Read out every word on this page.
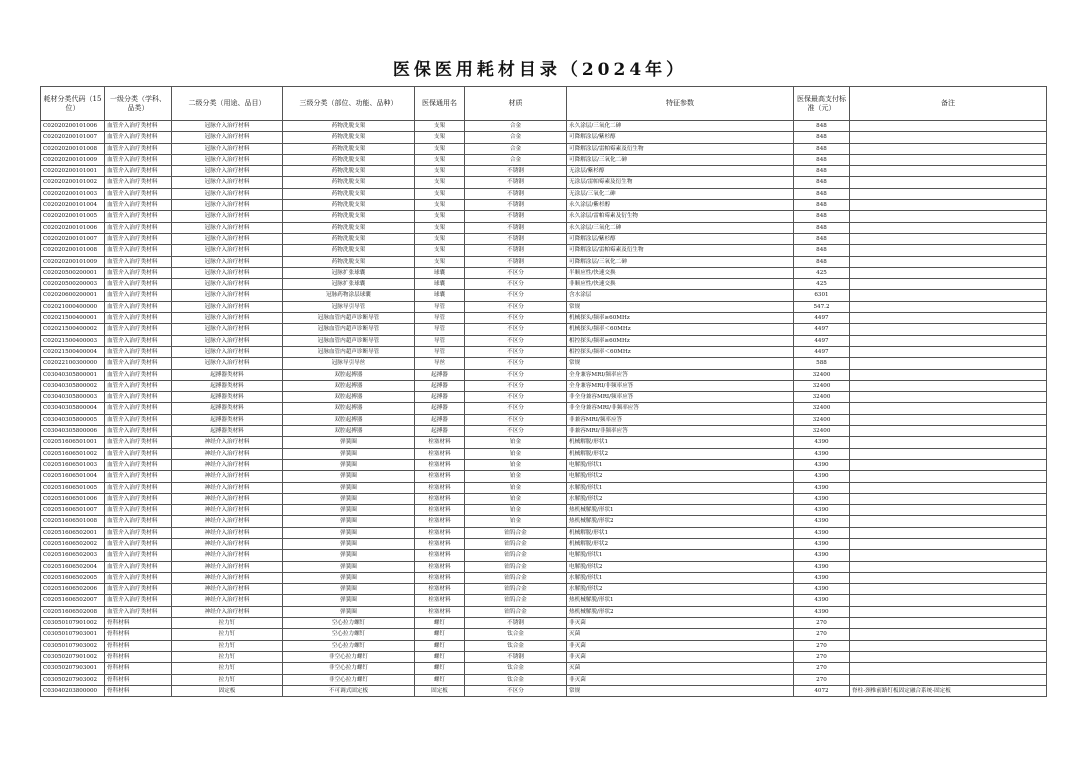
医保医用耗材目录（2024年）
耗材分类代码（15位）	一级分类（学科、品类）	二级分类（用途、品目）	三级分类（部位、功能、品种）	医保通用名	材质	特征参数	医保最高支付标准（元）	备注
C02020200101006	血管介入治疗类材料	冠脉介入治疗材料	药物洗脱支架	支架	合金	永久涂层/三氧化二砷	848	
C02020200101007	血管介入治疗类材料	冠脉介入治疗材料	药物洗脱支架	支架	合金	可降解涂层/紫杉醇	848	
C02020200101008	血管介入治疗类材料	冠脉介入治疗材料	药物洗脱支架	支架	合金	可降解涂层/雷帕霉素及衍生物	848	
C02020200101009	血管介入治疗类材料	冠脉介入治疗材料	药物洗脱支架	支架	合金	可降解涂层/三氧化二砷	848	
C02020200101001	血管介入治疗类材料	冠脉介入治疗材料	药物洗脱支架	支架	不锈钢	无涂层/紫杉醇	848	
C02020200101002	血管介入治疗类材料	冠脉介入治疗材料	药物洗脱支架	支架	不锈钢	无涂层/雷帕霉素及衍生物	848	
C02020200101003	血管介入治疗类材料	冠脉介入治疗材料	药物洗脱支架	支架	不锈钢	无涂层/三氧化二砷	848	
C02020200101004	血管介入治疗类材料	冠脉介入治疗材料	药物洗脱支架	支架	不锈钢	永久涂层/紫杉醇	848	
C02020200101005	血管介入治疗类材料	冠脉介入治疗材料	药物洗脱支架	支架	不锈钢	永久涂层/雷帕霉素及衍生物	848	
C02020200101006	血管介入治疗类材料	冠脉介入治疗材料	药物洗脱支架	支架	不锈钢	永久涂层/三氧化二砷	848	
C02020200101007	血管介入治疗类材料	冠脉介入治疗材料	药物洗脱支架	支架	不锈钢	可降解涂层/紫杉醇	848	
C02020200101008	血管介入治疗类材料	冠脉介入治疗材料	药物洗脱支架	支架	不锈钢	可降解涂层/雷帕霉素及衍生物	848	
C02020200101009	血管介入治疗类材料	冠脉介入治疗材料	药物洗脱支架	支架	不锈钢	可降解涂层/三氧化二砷	848	
C02020500200001	血管介入治疗类材料	冠脉介入治疗材料	冠脉扩张球囊	球囊	不区分	半顺应性/快速交换	425	
C02020500200003	血管介入治疗类材料	冠脉介入治疗材料	冠脉扩张球囊	球囊	不区分	非顺应性/快速交换	425	
C02020600200001	血管介入治疗类材料	冠脉介入治疗材料	冠脉药物涂层球囊	球囊	不区分	含水涂层	6301	
C02021000400000	血管介入治疗类材料	冠脉介入治疗材料	冠脉导引导管	导管	不区分	常规	547.2	
C02021500400001	血管介入治疗类材料	冠脉介入治疗材料	冠脉血管内超声诊断导管	导管	不区分	机械探头/频率≥60MHz	4497	
C02021500400002	血管介入治疗类材料	冠脉介入治疗材料	冠脉血管内超声诊断导管	导管	不区分	机械探头/频率＜60MHz	4497	
C02021500400003	血管介入治疗类材料	冠脉介入治疗材料	冠脉血管内超声诊断导管	导管	不区分	相控探头/频率≥60MHz	4497	
C02021500400004	血管介入治疗类材料	冠脉介入治疗材料	冠脉血管内超声诊断导管	导管	不区分	相控探头/频率＜60MHz	4497	
C02022100300000	血管介入治疗类材料	冠脉介入治疗材料	冠脉导引导丝	导丝	不区分	常规	588	
C03040305800001	血管介入治疗类材料	起搏器类材料	双腔起搏器	起搏器	不区分	全身兼容MRI/频率应答	32400	
C03040305800002	血管介入治疗类材料	起搏器类材料	双腔起搏器	起搏器	不区分	全身兼容MRI/非频率应答	32400	
C03040305800003	血管介入治疗类材料	起搏器类材料	双腔起搏器	起搏器	不区分	非全身兼容MRI/频率应答	32400	
C03040305800004	血管介入治疗类材料	起搏器类材料	双腔起搏器	起搏器	不区分	非全身兼容MRI/非频率应答	32400	
C03040305800005	血管介入治疗类材料	起搏器类材料	双腔起搏器	起搏器	不区分	非兼容MRI/频率应答	32400	
C03040305800006	血管介入治疗类材料	起搏器类材料	双腔起搏器	起搏器	不区分	非兼容MRI/非频率应答	32400	
C02051606501001	血管介入治疗类材料	神经介入治疗材料	弹簧圈	栓塞材料	铂金	机械解脱/形状1	4390	
C02051606501002	血管介入治疗类材料	神经介入治疗材料	弹簧圈	栓塞材料	铂金	机械解脱/形状2	4390	
C02051606501003	血管介入治疗类材料	神经介入治疗材料	弹簧圈	栓塞材料	铂金	电解脱/形状1	4390	
C02051606501004	血管介入治疗类材料	神经介入治疗材料	弹簧圈	栓塞材料	铂金	电解脱/形状2	4390	
C02051606501005	血管介入治疗类材料	神经介入治疗材料	弹簧圈	栓塞材料	铂金	水解脱/形状1	4390	
C02051606501006	血管介入治疗类材料	神经介入治疗材料	弹簧圈	栓塞材料	铂金	水解脱/形状2	4390	
C02051606501007	血管介入治疗类材料	神经介入治疗材料	弹簧圈	栓塞材料	铂金	热机械解脱/形状1	4390	
C02051606501008	血管介入治疗类材料	神经介入治疗材料	弹簧圈	栓塞材料	铂金	热机械解脱/形状2	4390	
C02051606502001	血管介入治疗类材料	神经介入治疗材料	弹簧圈	栓塞材料	铂钨合金	机械解脱/形状1	4390	
C02051606502002	血管介入治疗类材料	神经介入治疗材料	弹簧圈	栓塞材料	铂钨合金	机械解脱/形状2	4390	
C02051606502003	血管介入治疗类材料	神经介入治疗材料	弹簧圈	栓塞材料	铂钨合金	电解脱/形状1	4390	
C02051606502004	血管介入治疗类材料	神经介入治疗材料	弹簧圈	栓塞材料	铂钨合金	电解脱/形状2	4390	
C02051606502005	血管介入治疗类材料	神经介入治疗材料	弹簧圈	栓塞材料	铂钨合金	水解脱/形状1	4390	
C02051606502006	血管介入治疗类材料	神经介入治疗材料	弹簧圈	栓塞材料	铂钨合金	水解脱/形状2	4390	
C02051606502007	血管介入治疗类材料	神经介入治疗材料	弹簧圈	栓塞材料	铂钨合金	热机械解脱/形状1	4390	
C02051606502008	血管介入治疗类材料	神经介入治疗材料	弹簧圈	栓塞材料	铂钨合金	热机械解脱/形状2	4390	
C03050107901002	骨科材料	拉力钉	空心拉力螺钉	螺钉	不锈钢	非灭菌	270	
C03050107903001	骨科材料	拉力钉	空心拉力螺钉	螺钉	钛合金	灭菌	270	
C03050107903002	骨科材料	拉力钉	空心拉力螺钉	螺钉	钛合金	非灭菌	270	
C03050207901002	骨科材料	拉力钉	非空心拉力螺钉	螺钉	不锈钢	非灭菌	270	
C03050207903001	骨科材料	拉力钉	非空心拉力螺钉	螺钉	钛合金	灭菌	270	
C03050207903002	骨科材料	拉力钉	非空心拉力螺钉	螺钉	钛合金	非灭菌	270	
C03040203800000	骨科材料	固定板	不可调式固定板	固定板	不区分	常规	4072	脊柱-颈椎前路钉板固定融合系统-固定板
